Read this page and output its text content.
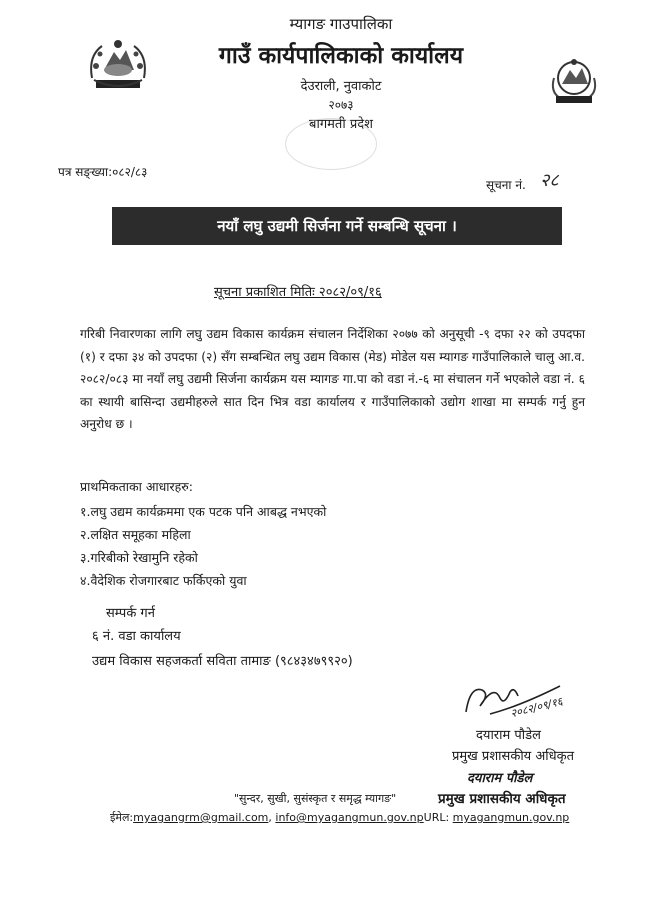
म्यागङ गाउपालिका
गाउँ कार्यपालिकाको कार्यालय
देउराली, नुवाकोट
२०७३
बागमती प्रदेश
पत्र सङ्ख्या:०८२/८३
सूचना नं. २८
नयाँ लघु उद्यमी सिर्जना गर्ने सम्बन्धि सूचना ।
सूचना प्रकाशित मितिः २०८२/०९/१६
गरिबी निवारणका लागि लघु उद्यम विकास कार्यक्रम संचालन निर्देशिका २०७७ को अनुसूची -९ दफा २२ को उपदफा (१) र दफा ३४ को उपदफा (२) सँग सम्बन्धित लघु उद्यम विकास (मेड) मोडेल यस म्यागङ गाउँपालिकाले चालु आ.व. २०८२/०८३ मा नयाँ लघु उद्यमी सिर्जना कार्यक्रम यस म्यागङ गा.पा को वडा नं.-६ मा संचालन गर्ने भएकोले वडा नं. ६ का स्थायी बासिन्दा उद्यमीहरुले सात दिन भित्र वडा कार्यालय र गाउँपालिकाको उद्योग शाखा मा सम्पर्क गर्नु हुन अनुरोध छ ।
प्राथमिकताका आधारहरु:
१.लघु उद्यम कार्यक्रममा एक पटक पनि आबद्ध नभएको
२.लक्षित समूहका महिला
३.गरिबीको रेखामुनि रहेको
४.वैदेशिक रोजगारबाट फर्किएको युवा
सम्पर्क गर्न
६ नं. वडा कार्यालय
उद्यम विकास सहजकर्ता सविता तामाङ (९८४३४७९९२०)
२०८२/०९/१६
दयाराम पौडेल
प्रमुख प्रशासकीय अधिकृत
दयाराम पौडेल
प्रमुख प्रशासकीय अधिकृत
"सुन्दर, सुखी, सुसंस्कृत र समृद्ध म्यागङ"
ईमेल:myagangrm@gmail.com, info@myagangmun.gov.npURL: myagangmun.gov.np
